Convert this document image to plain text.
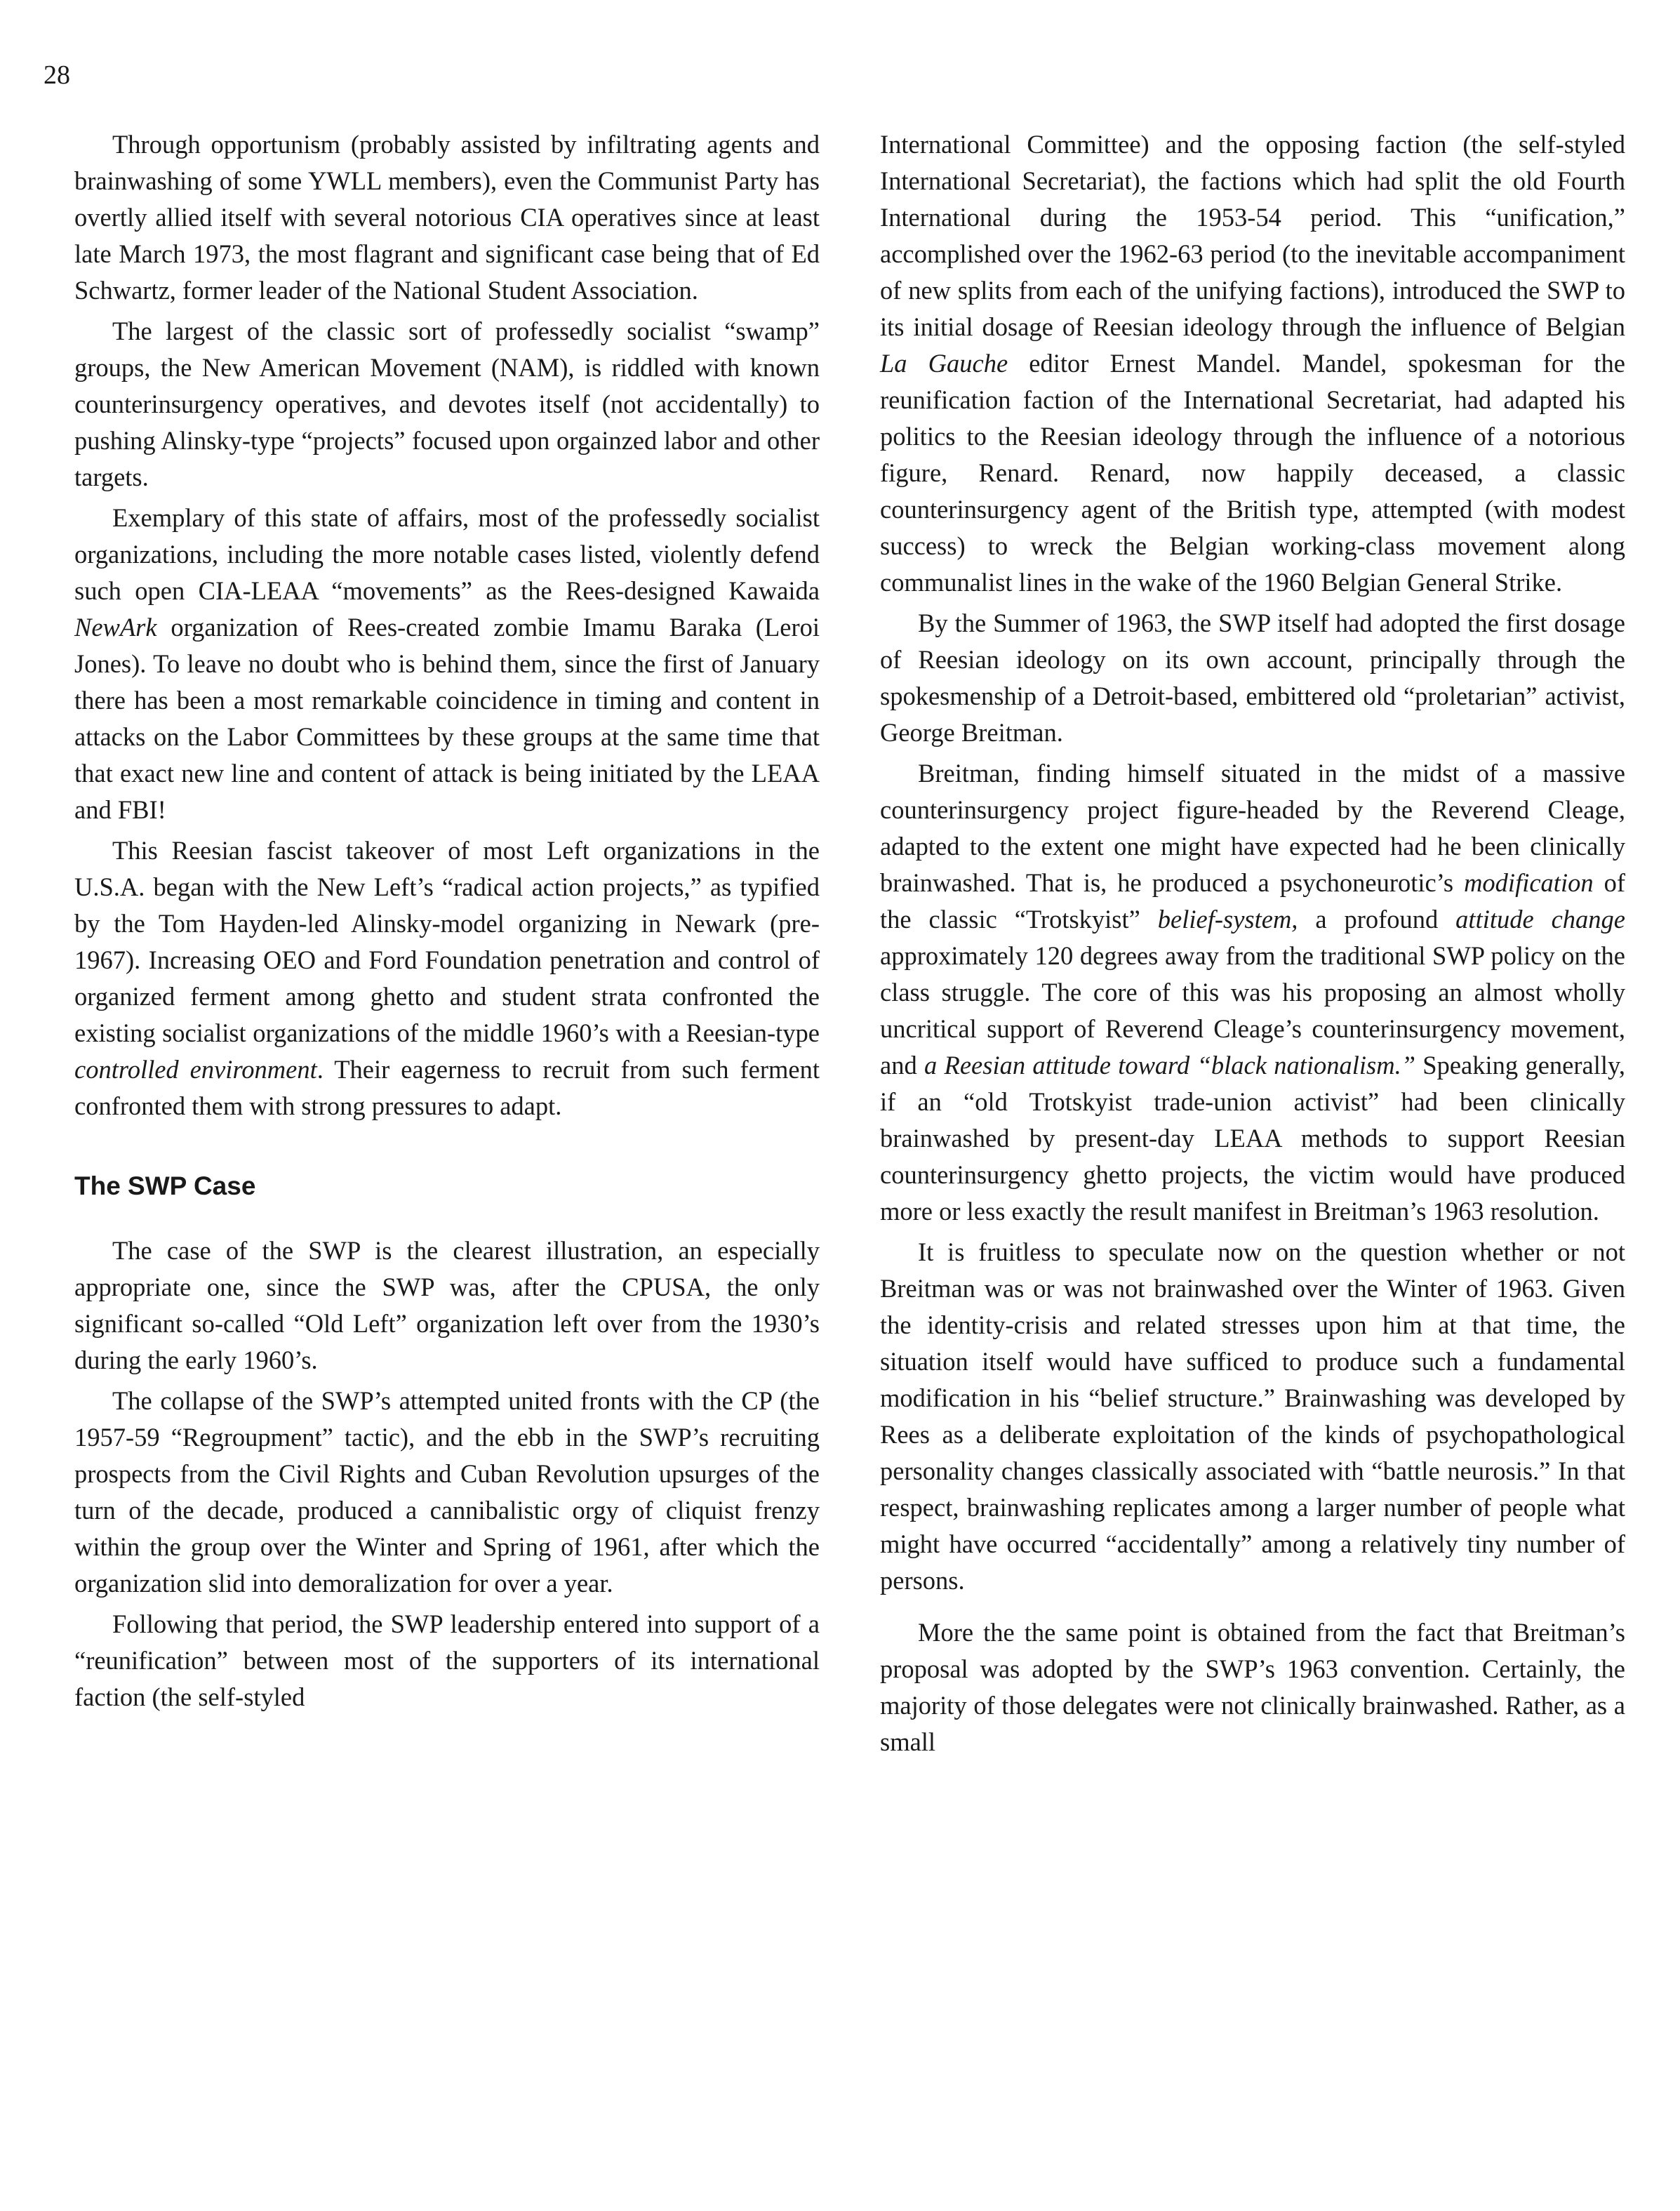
28

Through opportunism (probably assisted by infiltrating agents and brainwashing of some YWLL members), even the Communist Party has overtly allied itself with several notorious CIA operatives since at least late March 1973, the most flagrant and significant case being that of Ed Schwartz, former leader of the National Student Association.

The largest of the classic sort of professedly socialist “swamp” groups, the New American Movement (NAM), is riddled with known counterinsurgency operatives, and devotes itself (not accidentally) to pushing Alinsky-type “projects” focused upon orgainzed labor and other targets.

Exemplary of this state of affairs, most of the professedly socialist organizations, including the more notable cases listed, violently defend such open CIA-LEAA “movements” as the Rees-designed Kawaida NewArk organization of Rees-created zombie Imamu Baraka (Leroi Jones). To leave no doubt who is behind them, since the first of January there has been a most remarkable coincidence in timing and content in attacks on the Labor Committees by these groups at the same time that that exact new line and content of attack is being initiated by the LEAA and FBI!

This Reesian fascist takeover of most Left organizations in the U.S.A. began with the New Left’s “radical action projects,” as typified by the Tom Hayden-led Alinsky-model organizing in Newark (pre-1967). Increasing OEO and Ford Foundation penetration and control of organized ferment among ghetto and student strata confronted the existing socialist organizations of the middle 1960’s with a Reesian-type controlled environment. Their eagerness to recruit from such ferment confronted them with strong pressures to adapt.

The SWP Case

The case of the SWP is the clearest illustration, an especially appropriate one, since the SWP was, after the CPUSA, the only significant so-called “Old Left” organization left over from the 1930’s during the early 1960’s.

The collapse of the SWP’s attempted united fronts with the CP (the 1957-59 “Regroupment” tactic), and the ebb in the SWP’s recruiting prospects from the Civil Rights and Cuban Revolution upsurges of the turn of the decade, produced a cannibalistic orgy of cliquist frenzy within the group over the Winter and Spring of 1961, after which the organization slid into demoralization for over a year.

Following that period, the SWP leadership entered into support of a “reunification” between most of the supporters of its international faction (the self-styled

International Committee) and the opposing faction (the self-styled International Secretariat), the factions which had split the old Fourth International during the 1953-54 period. This “unification,” accomplished over the 1962-63 period (to the inevitable accompaniment of new splits from each of the unifying factions), introduced the SWP to its initial dosage of Reesian ideology through the influence of Belgian La Gauche editor Ernest Mandel. Mandel, spokesman for the reunification faction of the International Secretariat, had adapted his politics to the Reesian ideology through the influence of a notorious figure, Renard. Renard, now happily deceased, a classic counterinsurgency agent of the British type, attempted (with modest success) to wreck the Belgian working-class movement along communalist lines in the wake of the 1960 Belgian General Strike.

By the Summer of 1963, the SWP itself had adopted the first dosage of Reesian ideology on its own account, principally through the spokesmenship of a Detroit-based, embittered old “proletarian” activist, George Breitman.

Breitman, finding himself situated in the midst of a massive counterinsurgency project figure-headed by the Reverend Cleage, adapted to the extent one might have expected had he been clinically brainwashed. That is, he produced a psychoneurotic’s modification of the classic “Trotskyist” belief-system, a profound attitude change approximately 120 degrees away from the traditional SWP policy on the class struggle. The core of this was his proposing an almost wholly uncritical support of Reverend Cleage’s counterinsurgency movement, and a Reesian attitude toward “black nationalism.” Speaking generally, if an “old Trotskyist trade-union activist” had been clinically brainwashed by present-day LEAA methods to support Reesian counterinsurgency ghetto projects, the victim would have produced more or less exactly the result manifest in Breitman’s 1963 resolution.

It is fruitless to speculate now on the question whether or not Breitman was or was not brainwashed over the Winter of 1963. Given the identity-crisis and related stresses upon him at that time, the situation itself would have sufficed to produce such a fundamental modification in his “belief structure.” Brainwashing was developed by Rees as a deliberate exploitation of the kinds of psychopathological personality changes classically associated with “battle neurosis.” In that respect, brainwashing replicates among a larger number of people what might have occurred “accidentally” among a relatively tiny number of persons.

More the the same point is obtained from the fact that Breitman’s proposal was adopted by the SWP’s 1963 convention. Certainly, the majority of those delegates were not clinically brainwashed. Rather, as a small
